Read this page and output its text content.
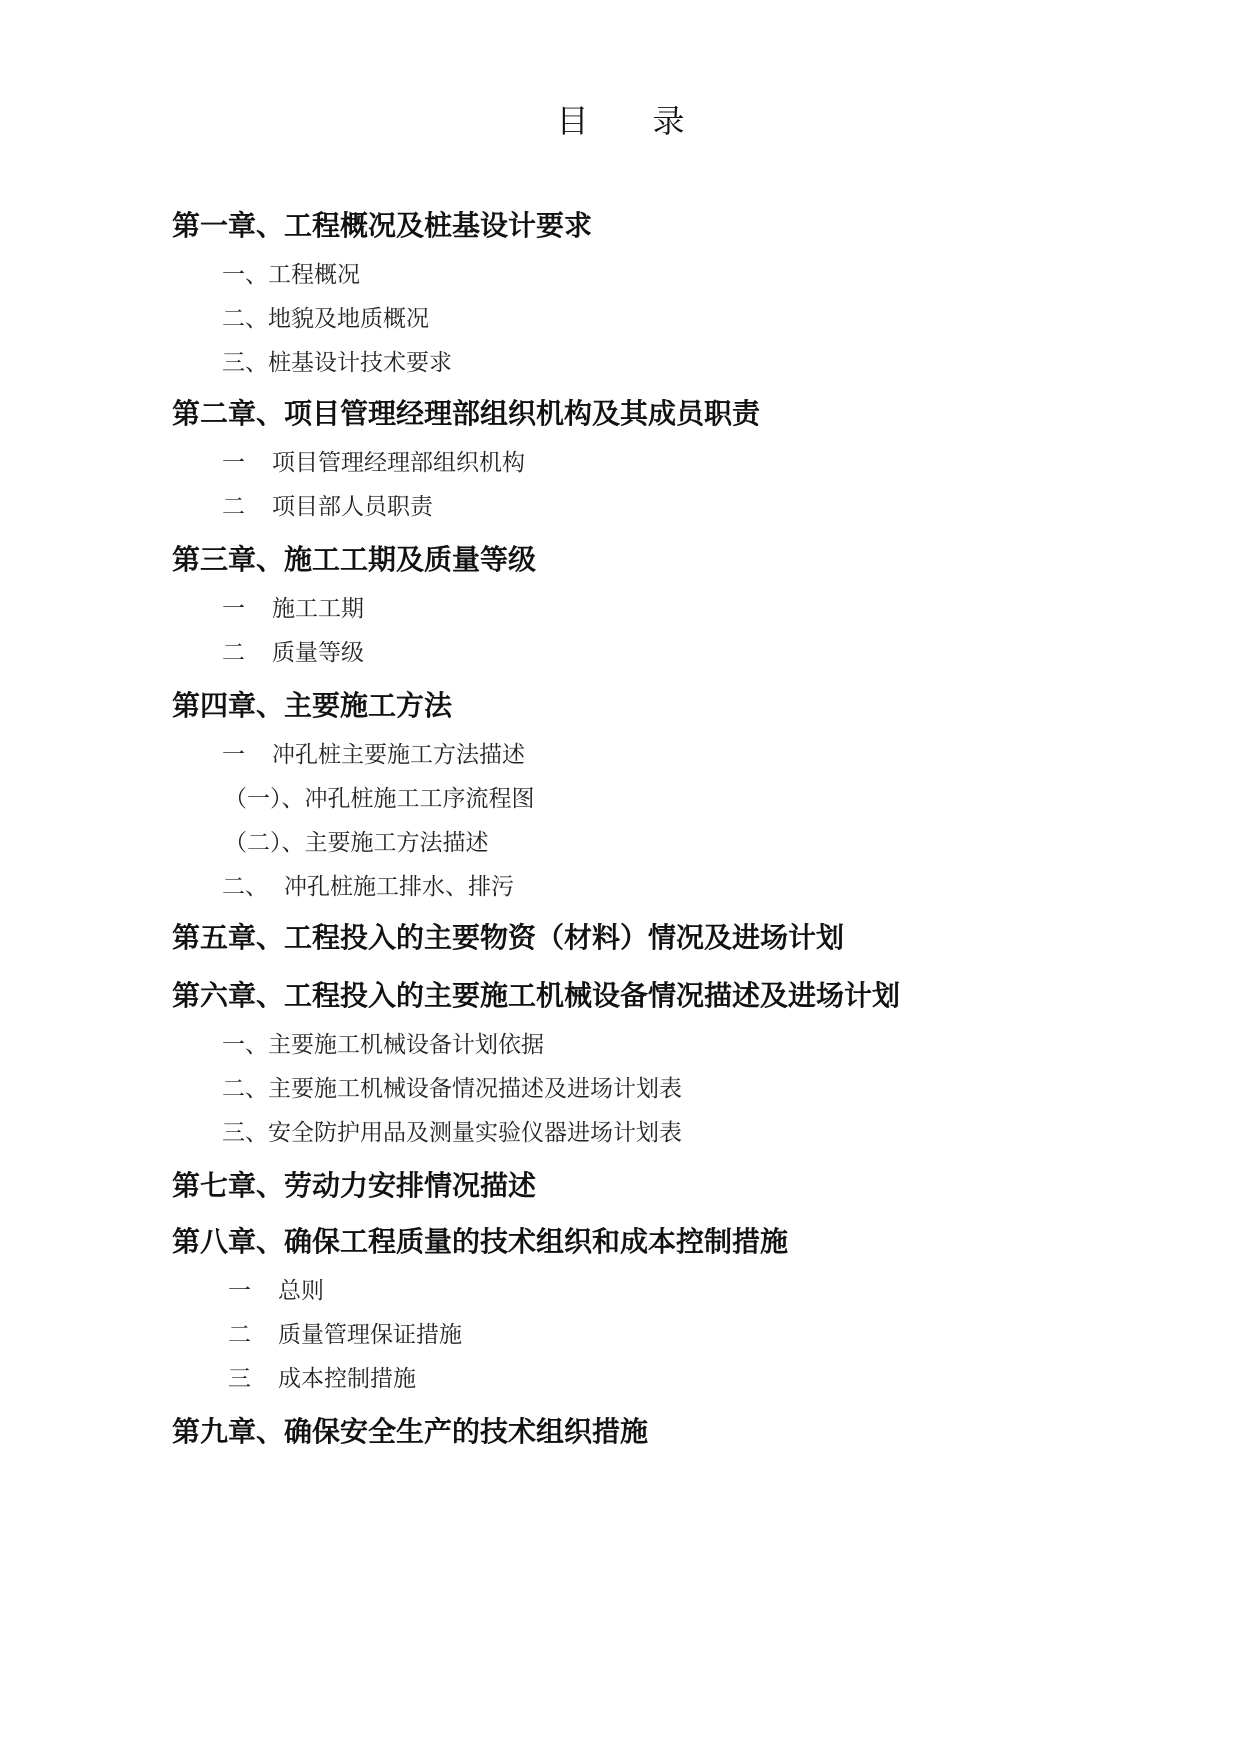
目 录
第一章、工程概况及桩基设计要求
一、工程概况
二、地貌及地质概况
三、桩基设计技术要求
第二章、项目管理经理部组织机构及其成员职责
一 项目管理经理部组织机构
二 项目部人员职责
第三章、施工工期及质量等级
一 施工工期
二 质量等级
第四章、主要施工方法
一 冲孔桩主要施工方法描述
（一）、冲孔桩施工工序流程图
（二）、主要施工方法描述
二、 冲孔桩施工排水、排污
第五章、工程投入的主要物资（材料）情况及进场计划
第六章、工程投入的主要施工机械设备情况描述及进场计划
一、主要施工机械设备计划依据
二、主要施工机械设备情况描述及进场计划表
三、安全防护用品及测量实验仪器进场计划表
第七章、劳动力安排情况描述
第八章、确保工程质量的技术组织和成本控制措施
一 总则
二 质量管理保证措施
三 成本控制措施
第九章、确保安全生产的技术组织措施
